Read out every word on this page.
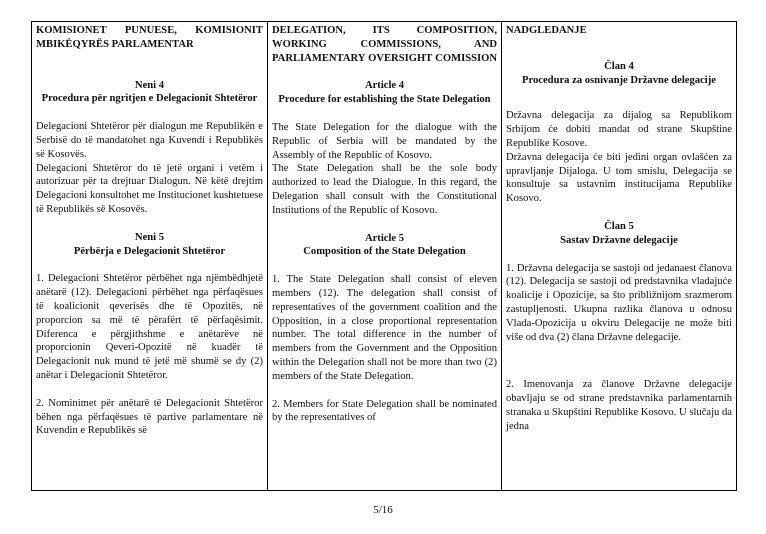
KOMISIONET PUNUESE, KOMISIONIT MBIKËQYRËS PARLAMENTAR

Neni 4

Procedura për ngritjen e Delegacionit Shtetëror

Delegacioni Shtetëror për dialogun me Republikën e Serbisë do të mandatohet nga Kuvendi i Republikës së Kosovës.

Delegacioni Shtetëror do të jetë organi i vetëm i autorizuar për ta drejtuar Dialogun. Në këtë drejtim Delegacioni konsultohet me Institucionet kushtetuese të Republikës së Kosovës.

Neni 5

Përbërja e Delegacionit Shtetëror

1. Delegacioni Shtetëror përbëhet nga njëmbëdhjetë anëtarë (12). Delegacioni përbëhet nga përfaqësues të koalicionit qeverisës dhe të Opozitës, në proporcion sa më të përafërt të përfaqësimit. Diferenca e përgjithshme e anëtarëve në proporcionin Qeveri-Opozitë në kuadër të Delegacionit nuk mund të jetë më shumë se dy (2) anëtar i Delegacionit Shtetëror.

2. Nominimet për anëtarë të Delegacionit Shtetëror bëhen nga përfaqësues të partive parlamentare në Kuvendin e Republikës së

DELEGATION, ITS COMPOSITION, WORKING COMMISSIONS, AND PARLIAMENTARY OVERSIGHT COMISSION

Article 4

Procedure for establishing the State Delegation

The State Delegation for the dialogue with the Republic of Serbia will be mandated by the Assembly of the Republic of Kosovo.

The State Delegation shall be the sole body authorized to lead the Dialogue. In this regard, the Delegation shall consult with the Constitutional Institutions of the Republic of Kosovo.

Article 5

Composition of the State Delegation

1. The State Delegation shall consist of eleven members (12). The delegation shall consist of representatives of the government coalition and the Opposition, in a close proportional representation number. The total difference in the number of members from the Government and the Opposition within the Delegation shall not be more than two (2) members of the State Delegation.

2. Members for State Delegation shall be nominated by the representatives of

NADGLEDANJE

Član 4

Procedura za osnivanje Državne delegacije

Državna delegacija za dijalog sa Republikom Srbijom će dobiti mandat od strane Skupštine Republike Kosove.

Državna delegacija će biti jedini organ ovlašćen za upravljanje Dijaloga. U tom smislu, Delegacija se konsultuje sa ustavnim institucijama Republike Kosovo.

Član 5

Sastav Državne delegacije

1. Državna delegacija se sastoji od jedanaest članova (12). Delegacija se sastoji od predstavnika vladajuće koalicije i Opozicije, sa što približnijom srazmerom zastupljenosti. Ukupna razlika članova u odnosu Vlada-Opozicija u okviru Delegacije ne može biti više od dva (2) člana Državne delegacije.

2. Imenovanja za članove Državne delegacije obavljaju se od strane predstavnika parlamentarnih stranaka u Skupštini Republike Kosovo. U slučaju da jedna

5/16
